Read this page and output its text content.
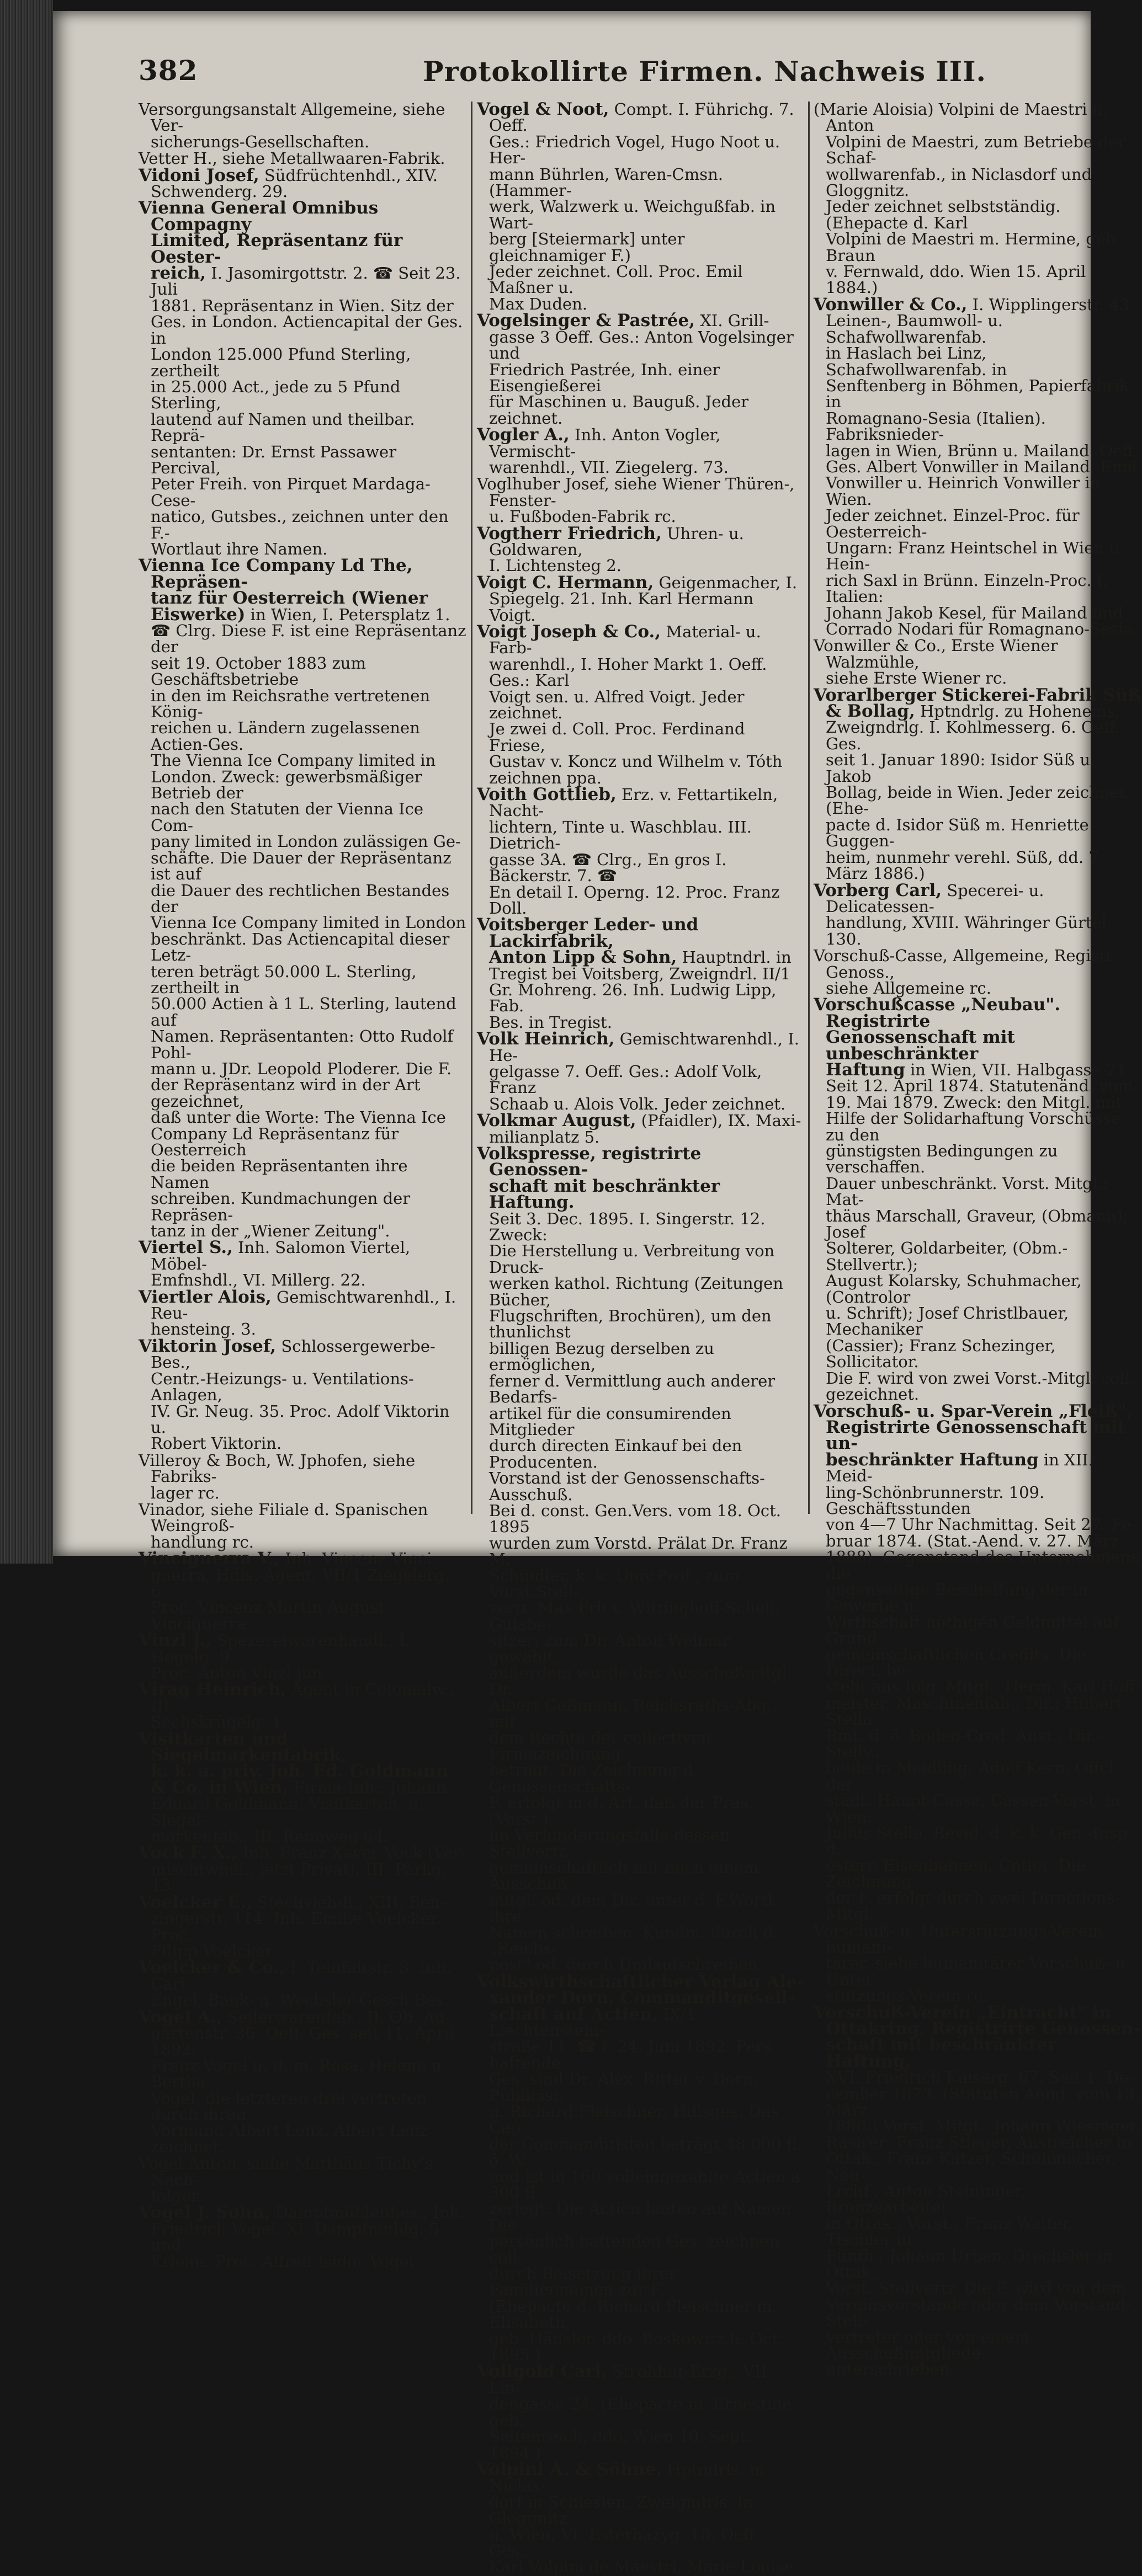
382	Protokollirte Firmen. Nachweis III.

Versorgungsanstalt Allgemeine, siehe Ver-
sicherungs-Gesellschaften.

Vetter H., siehe Metallwaaren-Fabrik.

Vidoni Josef, Südfrüchtenhdl., XIV.
Schwenderg. 29.

Vienna General Omnibus Compagny
Limited, Repräsentanz für Oester-
reich, I. Jasomirgottstr. 2. ☎ Seit 23. Juli
1881. Repräsentanz in Wien. Sitz der
Ges. in London. Actiencapital der Ges. in
London 125.000 Pfund Sterling, zertheilt
in 25.000 Act., jede zu 5 Pfund Sterling,
lautend auf Namen und theilbar. Reprä-
sentanten: Dr. Ernst Passawer Percival,
Peter Freih. von Pirquet Mardaga-Cese-
natico, Gutsbes., zeichnen unter den F.-
Wortlaut ihre Namen.

Vienna Ice Company Ld The, Repräsen-
tanz für Oesterreich (Wiener
Eiswerke) in Wien, I. Petersplatz 1.
☎ Clrg. Diese F. ist eine Repräsentanz der
seit 19. October 1883 zum Geschäftsbetriebe
in den im Reichsrathe vertretenen König-
reichen u. Ländern zugelassenen Actien-Ges.
The Vienna Ice Company limited in
London. Zweck: gewerbsmäßiger Betrieb der
nach den Statuten der Vienna Ice Com-
pany limited in London zulässigen Ge-
schäfte. Die Dauer der Repräsentanz ist auf
die Dauer des rechtlichen Bestandes der
Vienna Ice Company limited in London
beschränkt. Das Actiencapital dieser Letz-
teren beträgt 50.000 L. Sterling, zertheilt in
50.000 Actien à 1 L. Sterling, lautend auf
Namen. Repräsentanten: Otto Rudolf Pohl-
mann u. JDr. Leopold Ploderer. Die F.
der Repräsentanz wird in der Art gezeichnet,
daß unter die Worte: The Vienna Ice
Company Ld Repräsentanz für Oesterreich
die beiden Repräsentanten ihre Namen
schreiben. Kundmachungen der Repräsen-
tanz in der „Wiener Zeitung".

Viertel S., Inh. Salomon Viertel, Möbel-
Emfnshdl., VI. Millerg. 22.

Viertler Alois, Gemischtwarenhdl., I. Reu-
hensteing. 3.

Viktorin Josef, Schlossergewerbe-Bes.,
Centr.-Heizungs- u. Ventilations-Anlagen,
IV. Gr. Neug. 35. Proc. Adolf Viktorin u.
Robert Viktorin.

Villeroy & Boch, W. Jphofen, siehe Fabriks-
lager rc.

Vinador, siehe Filiale d. Spanischen Weingroß-
handlung rc.

Vinciguerra V., Inh. Vincenz Vinci-
guerra, Hdls.-Agent, VII/1 Ziegelerg. 6.
Proc. Vincenz Martin August Vinciguerra.

Vinzl J., Spezereiwarenhandl., I. Hegelg. 9.
Proc. Anton Vinzl jun.

Virag Heinrich, Agent in Colonialw., III.
Sechskrügelg. 1.

Visitkarten und Siegelmarkenfabrik,
k. k. a. priv. Joh. Ed. Goldmann
& Co. in Wien, Firma-Inh.: Johann
Eduard Goldmann, Visitkarten- u. Siegel-
markenfab., III. Rennweg 64.

Vock F. X., Inh. Franz Xaver Vock (Ver-
mischtwhdl., jetzt Privat), III. Parkg. 13.

Voelcker E., Stechviehdl., XIII. Ben-
zingerstr. 114. Inh. Emilie Voelcker. Proc.
Filipp Voelcker.

Voelcker & Co., I. Teinfaltstr. 3. Inh. Carl
Engel, Bank- u. Wechsler-Gesch.Bes.

Vogel A., Seilerwarenfab., II. Ob. Au-
gartenstr. 36. Oeff. Ges. seit 11. April 1892:
Franz Vogel u. d. m. Rosa, Helene u. Bertha
Vogel, die letzteren drei vertreten durch ihren
Vormund Albert Lenz. Albert Lenz zeichnet.

Vogel Anton, siehe Matthäus Tichy's Nach-
folger.

Vogel J. Sohn, Dampfmühlenbes., Inh.
Friedrich Vogel, XI. Dampfmuhlg. 5 und
Krieau. Proc. Alfred Isidor Vogel.

Vogel & Noot, Compt. I. Führichg. 7. Oeff.
Ges.: Friedrich Vogel, Hugo Noot u. Her-
mann Bührlen, Waren-Cmsn. (Hammer-
werk, Walzwerk u. Weichgußfab. in Wart-
berg [Steiermark] unter gleichnamiger F.)
Jeder zeichnet. Coll. Proc. Emil Maßner u.
Max Duden.

Vogelsinger & Pastrée, XI. Grill-
gasse 3 Oeff. Ges.: Anton Vogelsinger und
Friedrich Pastrée, Inh. einer Eisengießerei
für Maschinen u. Bauguß. Jeder zeichnet.

Vogler A., Inh. Anton Vogler, Vermischt-
warenhdl., VII. Ziegelerg. 73.

Voglhuber Josef, siehe Wiener Thüren-, Fenster-
u. Fußboden-Fabrik rc.

Vogtherr Friedrich, Uhren- u. Goldwaren,
I. Lichtensteg 2.

Voigt C. Hermann, Geigenmacher, I.
Spiegelg. 21. Inh. Karl Hermann Voigt.

Voigt Joseph & Co., Material- u. Farb-
warenhdl., I. Hoher Markt 1. Oeff. Ges.: Karl
Voigt sen. u. Alfred Voigt. Jeder zeichnet.
Je zwei d. Coll. Proc. Ferdinand Friese,
Gustav v. Koncz und Wilhelm v. Tóth
zeichnen ppa.

Voith Gottlieb, Erz. v. Fettartikeln, Nacht-
lichtern, Tinte u. Waschblau. III. Dietrich-
gasse 3A. ☎ Clrg., En gros I. Bäckerstr. 7. ☎
En detail I. Operng. 12. Proc. Franz Doll.

Voitsberger Leder- und Lackirfabrik,
Anton Lipp & Sohn, Hauptndrl. in
Tregist bei Voitsberg, Zweigndrl. II/1
Gr. Mohreng. 26. Inh. Ludwig Lipp, Fab.
Bes. in Tregist.

Volk Heinrich, Gemischtwarenhdl., I. He-
gelgasse 7. Oeff. Ges.: Adolf Volk, Franz
Schaab u. Alois Volk. Jeder zeichnet.

Volkmar August, (Pfaidler), IX. Maxi-
milianplatz 5.

Volkspresse, registrirte Genossen-
schaft mit beschränkter Haftung.
Seit 3. Dec. 1895. I. Singerstr. 12. Zweck:
Die Herstellung u. Verbreitung von Druck-
werken kathol. Richtung (Zeitungen Bücher,
Flugschriften, Brochüren), um den thunlichst
billigen Bezug derselben zu ermöglichen,
ferner d. Vermittlung auch anderer Bedarfs-
artikel für die consumirenden Mitglieder
durch directen Einkauf bei den Producenten.
Vorstand ist der Genossenschafts-Ausschuß.
Bei d. const. Gen.Vers. vom 18. Oct. 1895
wurden zum Vorstd. Prälat Dr. Franz M.
Schindler, k. k. Univ.Prof., zum Vorst.Stell-
vertr. Max Frh v. Wittinghoff-Schell, Gutsbe-
sitzer; zum Dir Anton Weimar gewählt,
außerdem wurde das Ausschußmitgl. Dr.
Albert Geßmann, Reichsraths-Abg., mit
dem Rechte der collectiven Firmazeichnung
betraut. Die Zeichnung d. Genossenschafts-
F. erfolgt in d. Art, daß der Präs. (Vorst.),
im Verhinderungsfalle dessen Stellvertr.
gemeinschaftlich mit noch einem Ausschuß-
mitgl. od. dem Dir. unter d. F.Wortl. ihre
Namen schreiben. Kundm. durch d. „Reichs-
post" od. durch Umlaufschreiben.

Volkswirthschaftlicher Verlag Ale-
xander Dorn, Commanditgesell-
schaft auf Actien, IX/1 Liechtenstein-
straße 11. ☎ f. 24. Juni 1892. Pers. haftende
Ges. sind Dr. Alex. Ritter v. Dorn, Publicist,
u. Richard Fleischner, Hdlsges. Das Cap.
der Commanditisten beträgt 48.000 fl. ö. W.
und ist in 160 volleingezahlte Actien à 300 fl.
zerlegt. Die Actien lauten auf Namen. Die
persönlich haftenden Ges. zeichnen coll.
durch Beisetzung ihrer Familiennamen zur F.
(Ehepacte d. Richard Fleischner m. Elisabeth,
geb. Häusler, ddo. Boskowitz 6. Oct. 1895.)

Vollgold Carl, Strohhut-Erzg., VII. Lin-
dengasse 24. (Ehepacte m. Ernestine geb.
Seltenreich, ddo. Wien 10. Sept. 1894.)

Volpini A. & Söhne, Hptndrls. in Niclas-
dorf in Schlesien, Zweigndrls. in Gloggnitz
u. Wien, VI. Esterhazyg. 10. Oeff. Ges.:
Karl Volpini de Maestri, Marie Louise

(Marie Aloisia) Volpini de Maestri u. Anton
Volpini de Maestri, zum Betriebe der Schaf-
wollwarenfab., in Niclasdorf und Gloggnitz.
Jeder zeichnet selbstständig. (Ehepacte d. Karl
Volpini de Maestri m. Hermine, geb. Braun
v. Fernwald, ddo. Wien 15. April 1884.)

Vonwiller & Co., I. Wipplingerstr. 43.
Leinen-, Baumwoll- u. Schafwollwarenfab.
in Haslach bei Linz, Schafwollwarenfab. in
Senftenberg in Böhmen, Papierfabrik in
Romagnano-Sesia (Italien). Fabriksnieder-
lagen in Wien, Brünn u. Mailand. Oeff.
Ges. Albert Vonwiller in Mailand, Emil
Vonwiller u. Heinrich Vonwiller in Wien.
Jeder zeichnet. Einzel-Proc. für Oesterreich-
Ungarn: Franz Heintschel in Wien u. Hein-
rich Saxl in Brünn. Einzeln-Proc. f. Italien:
Johann Jakob Kesel, für Mailand und
Corrado Nodari für Romagnano-Sesia.

Vonwiller & Co., Erste Wiener Walzmühle,
siehe Erste Wiener rc.

Vorarlberger Stickerei-Fabrik Süß
& Bollag, Hptndrlg. zu Hohenems,
Zweigndrlg. I. Kohlmesserg. 6. Oeff. Ges.
seit 1. Januar 1890: Isidor Süß u. Jakob
Bollag, beide in Wien. Jeder zeichnet. (Ehe-
pacte d. Isidor Süß m. Henriette Guggen-
heim, nunmehr verehl. Süß, dd. 7. März 1886.)

Vorberg Carl, Specerei- u. Delicatessen-
handlung, XVIII. Währinger Gürtel 130.

Vorschuß-Casse, Allgemeine, Registr. Genoss.,
siehe Allgemeine rc.

Vorschußcasse „Neubau". Registrirte
Genossenschaft mit unbeschränkter
Haftung in Wien, VII. Halbgasse 21.
Seit 12. April 1874. Statutenänd. vom
19. Mai 1879. Zweck: den Mitgl. mit
Hilfe der Solidarhaftung Vorschüsse zu den
günstigsten Bedingungen zu verschaffen.
Dauer unbeschränkt. Vorst. Mitgl.: Mat-
thäus Marschall, Graveur, (Obmann); Josef
Solterer, Goldarbeiter, (Obm.-Stellvertr.);
August Kolarsky, Schuhmacher, (Controlor
u. Schrift); Josef Christlbauer, Mechaniker
(Cassier); Franz Schezinger, Sollicitator.
Die F. wird von zwei Vorst.-Mitgl. coll.
gezeichnet.

Vorschuß- u. Spar-Verein „Fleiß",
Registrirte Genossenschaft mit un-
beschränkter Haftung in XII. Meid-
ling-Schönbrunnerstr. 109. Geschäftsstunden
von 4—7 Uhr Nachmittag. Seit 27. Fe-
bruar 1874. (Stat.-Aend. v. 27. März
1888). Gegenstand des Unternehmens die
gegenseitige Beschaffung der in Gewerbe u.
Wirthschaft nöthigen Geldmittel auf Grund
gemeinschaftlichen Credits. Die Direct. be-
steht aus folg. Mitgl.: Herm. Karl Hoff-
meister, Maschinenfab., Dir.; Hubert Stella,
Bmt. d. ö. Boden-Cred. Anst., Dir.-Stellv.,
beide in Meidling; Adolf Kern, Offcl. der
städt. Haupt-Casse, Cassen-Vorst. in Wien;
Julius Stella, Revid. d. k. k. Gen.-Insp. d.
österr. Eisenbahnen, Cntlor. Die Zeichnung
der F. erfolgt durch zwei Directions-Mitgl.

Vorschuß- u. Unterstützungs-Verein humani-
tärer, siehe humanitärer Vorschuß- u. Unter-
stützungs-Verein rc.

Vorschuß-Verein „Eintracht" in
Ottakring. Registrirte Genossen-
schaft mit beschränkter Haftung,
XVI. Friedrich Kaiserg. 67. Seit 1. De-
cember 1873. (Statuten Aend. vom 13. März
1880.) Vorst. Mitgl.: Johann Wiesinger,
Rasirer; Franz Stieger, Anstreicher in
Ottak.; Franz Katzer, Schuhmacher, Neu-
Lrchf.; Anton Steininger, Bronzearbeiter
in Ottak., Vorst.; Franz Walter, Tischler in
Fünfh.; Johann Urban, Drechsler in Ottak.,
Vorst. Stellvertr. Die F. wird von dem
Vereinsvorstande oder dem Vorstand-Stell-
vertreter oder von einem Ausschußmitgliede
unterschrieben.
